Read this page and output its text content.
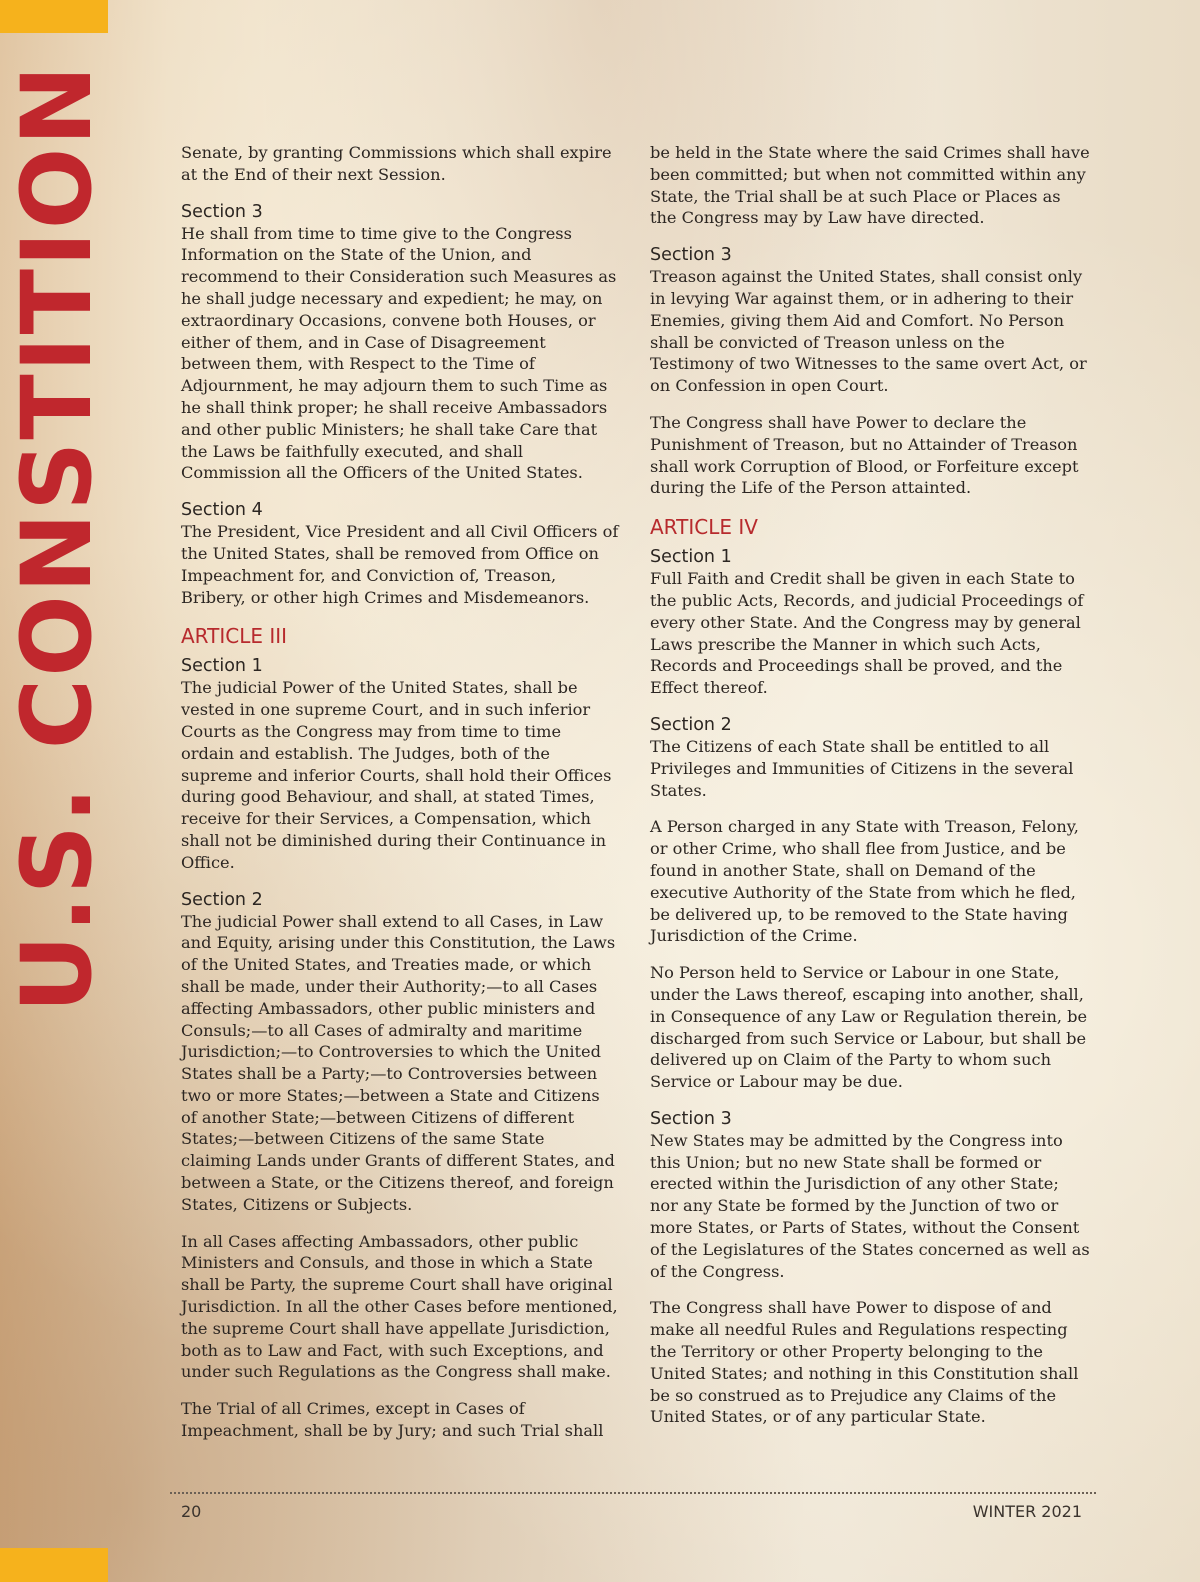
U.S. CONSTITION	Senate, by granting Commissions which shall expire at the End of their next Session.

Section 3

He shall from time to time give to the Congress Information on the State of the Union, and recommend to their Consideration such Measures as he shall judge necessary and expedient; he may, on extraordinary Occasions, convene both Houses, or either of them, and in Case of Disagreement between them, with Respect to the Time of Adjournment, he may adjourn them to such Time as he shall think proper; he shall receive Ambassadors and other public Ministers; he shall take Care that the Laws be faithfully executed, and shall Commission all the Officers of the United States.

Section 4

The President, Vice President and all Civil Officers of the United States, shall be removed from Office on Impeachment for, and Conviction of, Treason, Bribery, or other high Crimes and Misdemeanors.

ARTICLE III
Section 1

The judicial Power of the United States, shall be vested in one supreme Court, and in such inferior Courts as the Congress may from time to time ordain and establish. The Judges, both of the supreme and inferior Courts, shall hold their Offices during good Behaviour, and shall, at stated Times, receive for their Services, a Compensation, which shall not be diminished during their Continuance in Office.

Section 2

The judicial Power shall extend to all Cases, in Law and Equity, arising under this Constitution, the Laws of the United States, and Treaties made, or which shall be made, under their Authority;—to all Cases affecting Ambassadors, other public ministers and Consuls;—to all Cases of admiralty and maritime Jurisdiction;—to Controversies to which the United States shall be a Party;—to Controversies between two or more States;—between a State and Citizens of another State;—between Citizens of different States;—between Citizens of the same State claiming Lands under Grants of different States, and between a State, or the Citizens thereof, and foreign States, Citizens or Subjects.

In all Cases affecting Ambassadors, other public Ministers and Consuls, and those in which a State shall be Party, the supreme Court shall have original Jurisdiction. In all the other Cases before mentioned, the supreme Court shall have appellate Jurisdiction, both as to Law and Fact, with such Exceptions, and under such Regulations as the Congress shall make.

The Trial of all Crimes, except in Cases of Impeachment, shall be by Jury; and such Trial shall

be held in the State where the said Crimes shall have been committed; but when not committed within any State, the Trial shall be at such Place or Places as the Congress may by Law have directed.

Section 3

Treason against the United States, shall consist only in levying War against them, or in adhering to their Enemies, giving them Aid and Comfort. No Person shall be convicted of Treason unless on the Testimony of two Witnesses to the same overt Act, or on Confession in open Court.

The Congress shall have Power to declare the Punishment of Treason, but no Attainder of Treason shall work Corruption of Blood, or Forfeiture except during the Life of the Person attainted.

ARTICLE IV
Section 1

Full Faith and Credit shall be given in each State to the public Acts, Records, and judicial Proceedings of every other State. And the Congress may by general Laws prescribe the Manner in which such Acts, Records and Proceedings shall be proved, and the Effect thereof.

Section 2

The Citizens of each State shall be entitled to all Privileges and Immunities of Citizens in the several States.

A Person charged in any State with Treason, Felony, or other Crime, who shall flee from Justice, and be found in another State, shall on Demand of the executive Authority of the State from which he fled, be delivered up, to be removed to the State having Jurisdiction of the Crime.

No Person held to Service or Labour in one State, under the Laws thereof, escaping into another, shall, in Consequence of any Law or Regulation therein, be discharged from such Service or Labour, but shall be delivered up on Claim of the Party to whom such Service or Labour may be due.

Section 3

New States may be admitted by the Congress into this Union; but no new State shall be formed or erected within the Jurisdiction of any other State; nor any State be formed by the Junction of two or more States, or Parts of States, without the Consent of the Legislatures of the States concerned as well as of the Congress.

The Congress shall have Power to dispose of and make all needful Rules and Regulations respecting the Territory or other Property belonging to the United States; and nothing in this Constitution shall be so construed as to Prejudice any Claims of the United States, or of any particular State.

20	WINTER 2021
